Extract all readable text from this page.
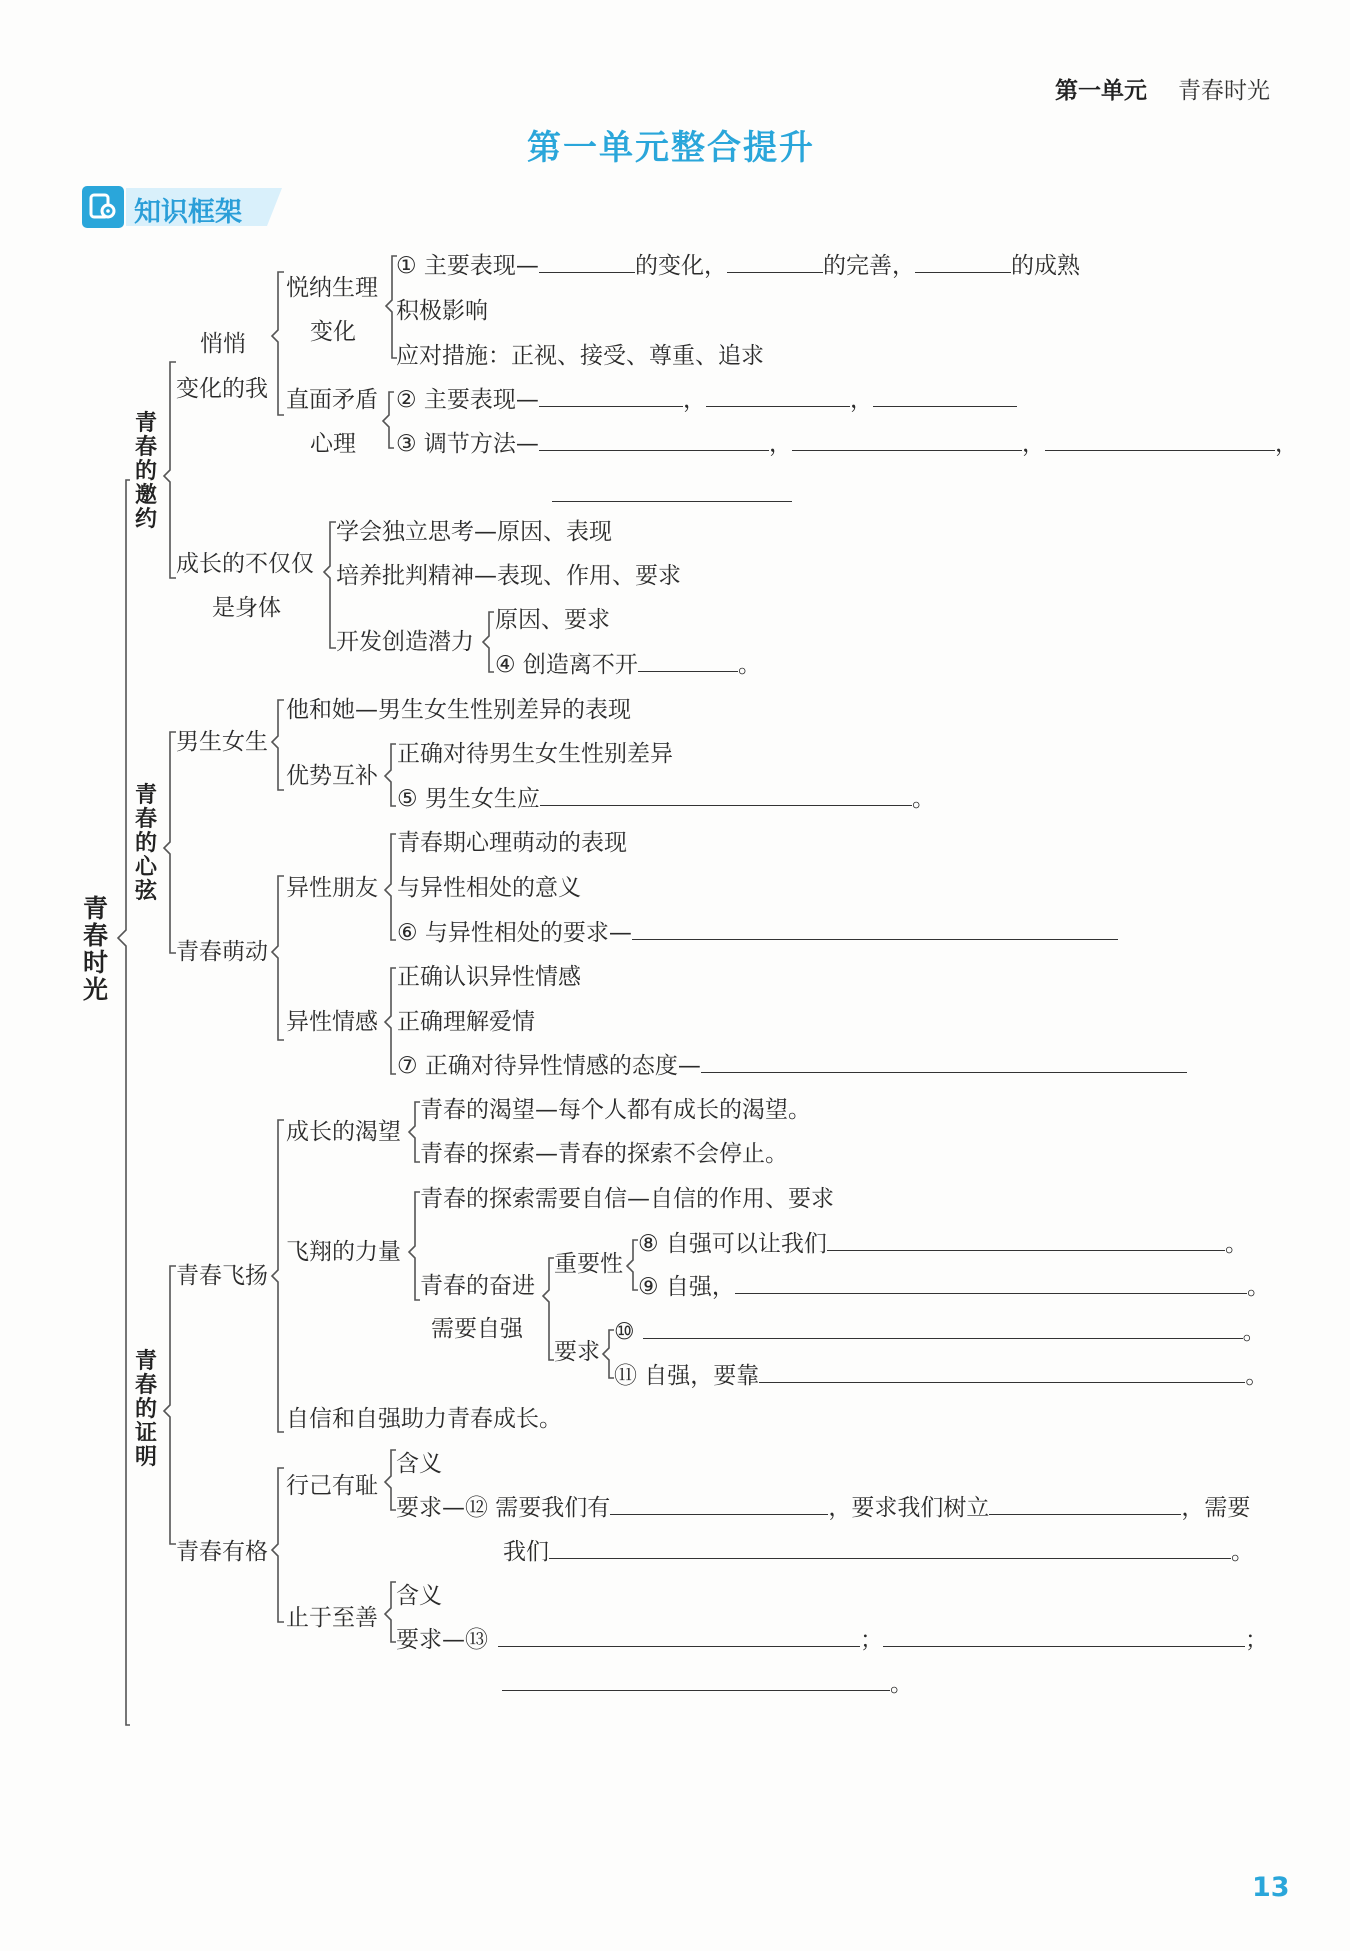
第一单元 青春时光
第一单元整合提升
知识框架
青春时光
青春的邀约
青春的心弦
青春的证明
悄悄
变化的我
悦纳生理
变化
① 主要表现—	的变化，	的完善，	的成熟
积极影响
应对措施：正视、接受、尊重、追求
直面矛盾
心理
② 主要表现—	，	，
③ 调节方法—	，	，	，
成长的不仅仅
是身体
学会独立思考—原因、表现
培养批判精神—表现、作用、要求
开发创造潜力
原因、要求
④ 创造离不开	。
男生女生
他和她—男生女生性别差异的表现
优势互补
正确对待男生女生性别差异
⑤ 男生女生应	。
青春萌动
异性朋友
青春期心理萌动的表现
与异性相处的意义
⑥ 与异性相处的要求—
异性情感
正确认识异性情感
正确理解爱情
⑦ 正确对待异性情感的态度—
青春飞扬
成长的渴望
青春的渴望—每个人都有成长的渴望。
青春的探索—青春的探索不会停止。
飞翔的力量
青春的探索需要自信—自信的作用、要求
青春的奋进
需要自强
重要性
⑧ 自强可以让我们	。
⑨ 自强，	。
要求
⑩	。
⑪ 自强，要靠	。
自信和自强助力青春成长。
青春有格
行己有耻
含义
要求—⑫ 需要我们有	，要求我们树立	，需要
我们	。
止于至善
含义
要求—⑬	；	；
。
13
